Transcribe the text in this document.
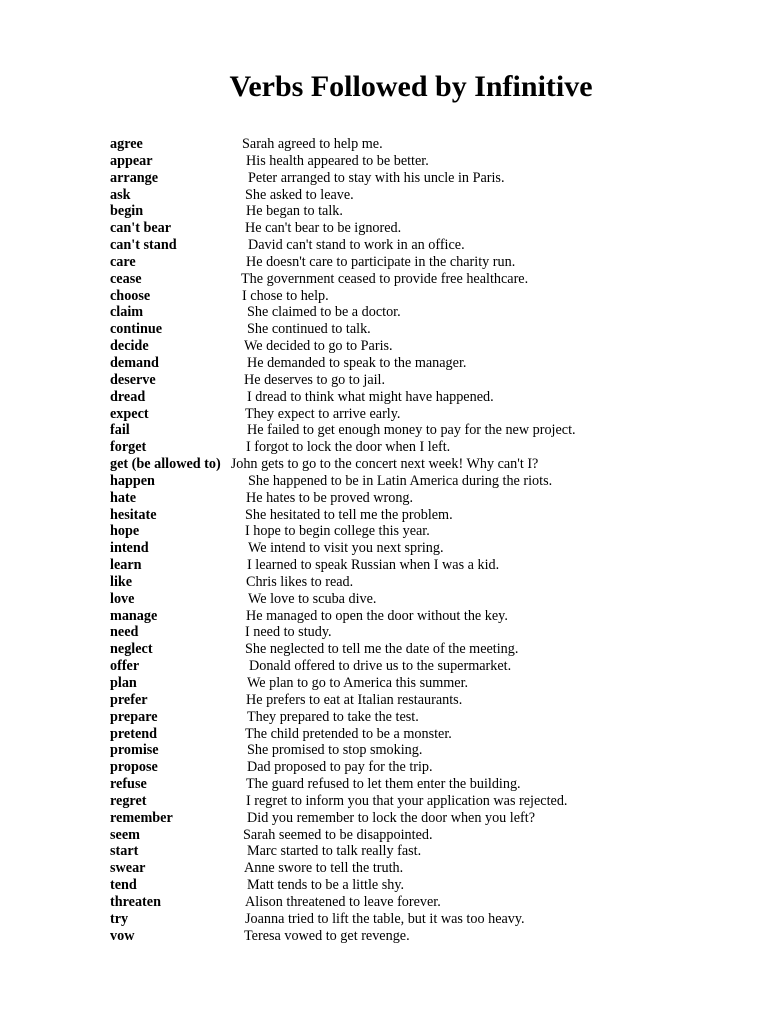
Verbs Followed by Infinitive
agree	Sarah agreed to help me.
appear	His health appeared to be better.
arrange	Peter arranged to stay with his uncle in Paris.
ask	She asked to leave.
begin	He began to talk.
can't bear	He can't bear to be ignored.
can't stand	David can't stand to work in an office.
care	He doesn't care to participate in the charity run.
cease	The government ceased to provide free healthcare.
choose	I chose to help.
claim	She claimed to be a doctor.
continue	She continued to talk.
decide	We decided to go to Paris.
demand	He demanded to speak to the manager.
deserve	He deserves to go to jail.
dread	I dread to think what might have happened.
expect	They expect to arrive early.
fail	He failed to get enough money to pay for the new project.
forget	I forgot to lock the door when I left.
get (be allowed to) John gets to go to the concert next week! Why can't I?
happen	She happened to be in Latin America during the riots.
hate	He hates to be proved wrong.
hesitate	She hesitated to tell me the problem.
hope	I hope to begin college this year.
intend	We intend to visit you next spring.
learn	I learned to speak Russian when I was a kid.
like	Chris likes to read.
love	We love to scuba dive.
manage	He managed to open the door without the key.
need	I need to study.
neglect	She neglected to tell me the date of the meeting.
offer	Donald offered to drive us to the supermarket.
plan	We plan to go to America this summer.
prefer	He prefers to eat at Italian restaurants.
prepare	They prepared to take the test.
pretend	The child pretended to be a monster.
promise	She promised to stop smoking.
propose	Dad proposed to pay for the trip.
refuse	The guard refused to let them enter the building.
regret	I regret to inform you that your application was rejected.
remember	Did you remember to lock the door when you left?
seem	Sarah seemed to be disappointed.
start	Marc started to talk really fast.
swear	Anne swore to tell the truth.
tend	Matt tends to be a little shy.
threaten	Alison threatened to leave forever.
try	Joanna tried to lift the table, but it was too heavy.
vow	Teresa vowed to get revenge.
